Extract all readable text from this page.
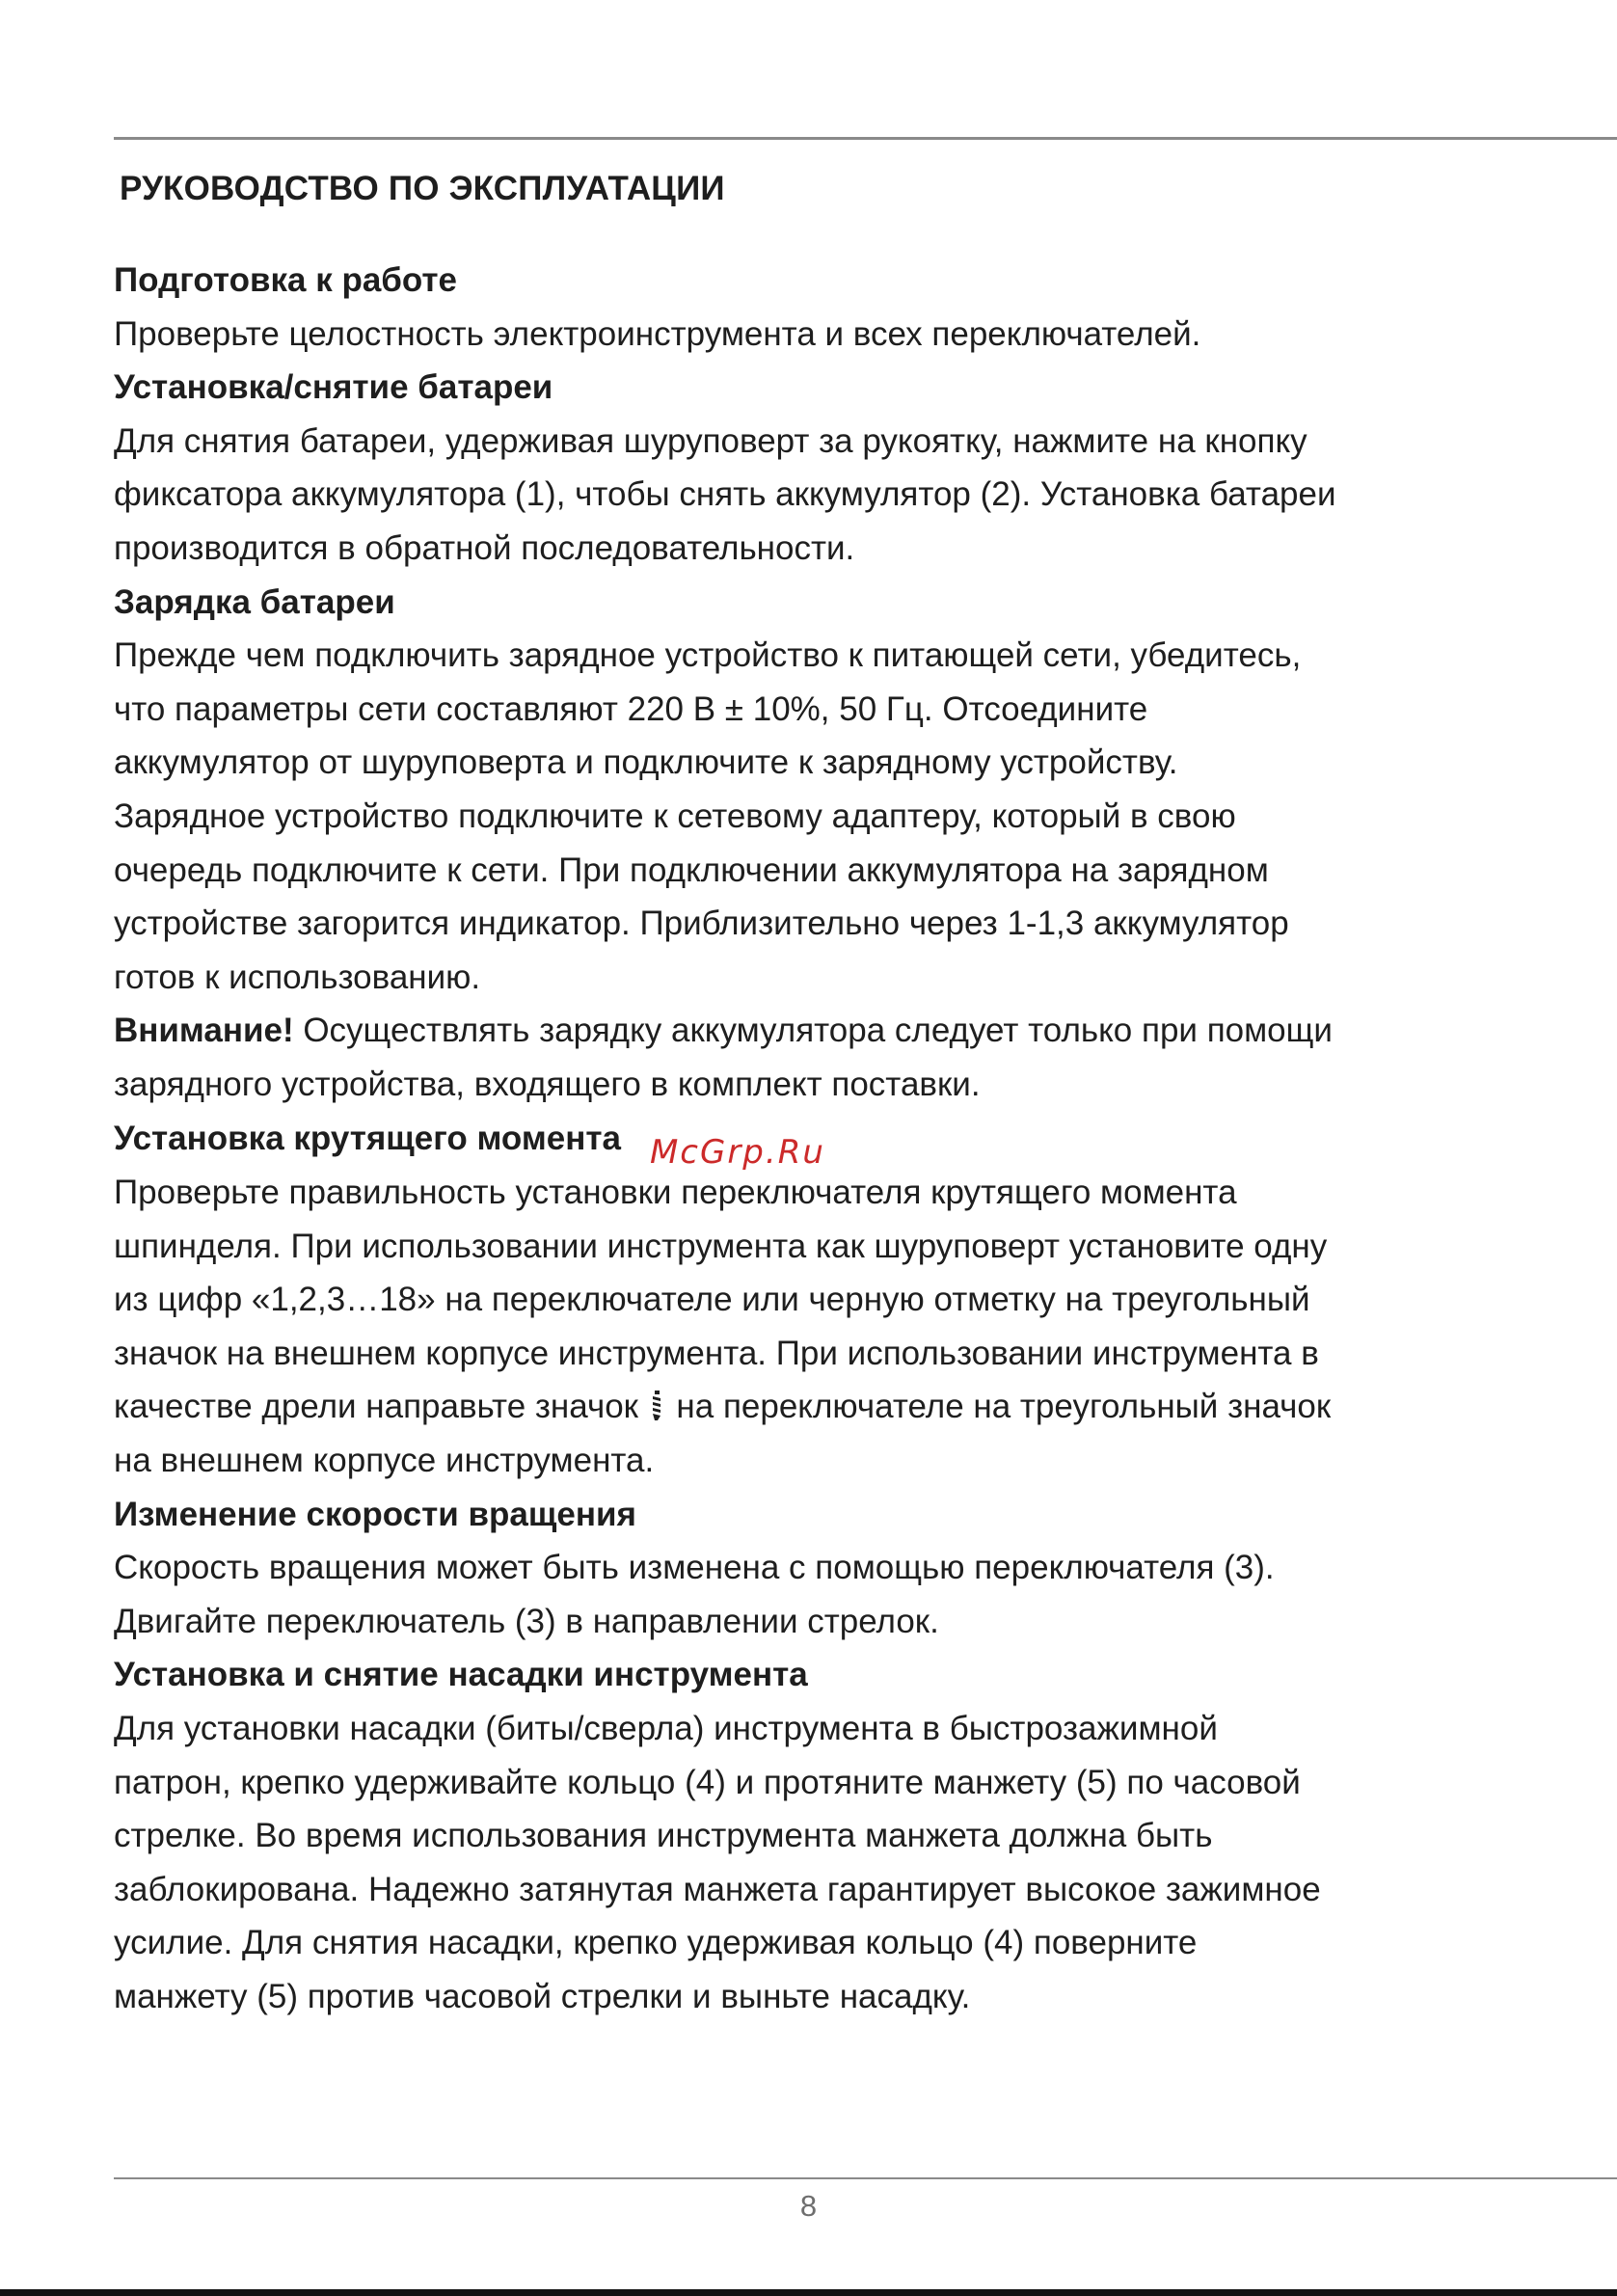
РУКОВОДСТВО ПО ЭКСПЛУАТАЦИИ
Подготовка к работе

Проверьте целостность электроинструмента и всех переключателей.

Установка/снятие батареи

Для снятия батареи, удерживая шуруповерт за рукоятку, нажмите на кнопку
фиксатора аккумулятора (1), чтобы снять аккумулятор (2). Установка батареи
производится в обратной последовательности.

Зарядка батареи

Прежде чем подключить зарядное устройство к питающей сети, убедитесь,
что параметры сети составляют 220 В ± 10%, 50 Гц. Отсоедините
аккумулятор от шуруповерта и подключите к зарядному устройству.
Зарядное устройство подключите к сетевому адаптеру, который в свою
очередь подключите к сети. При подключении аккумулятора на зарядном
устройстве загорится индикатор. Приблизительно через 1-1,3 аккумулятор
готов к использованию.

Внимание! Осуществлять зарядку аккумулятора следует только при помощи
зарядного устройства, входящего в комплект поставки.

Установка крутящего момента McGrp.Ru

Проверьте правильность установки переключателя крутящего момента
шпинделя. При использовании инструмента как шуруповерт установите одну
из цифр «1,2,3…18» на переключателе или черную отметку на треугольный
значок на внешнем корпусе инструмента. При использовании инструмента в
качестве дрели направьте значок  на переключателе на треугольный значок
на внешнем корпусе инструмента.

Изменение скорости вращения

Скорость вращения может быть изменена с помощью переключателя (3).
Двигайте переключатель (3) в направлении стрелок.

Установка и снятие насадки инструмента

Для установки насадки (биты/сверла) инструмента в быстрозажимной
патрон, крепко удерживайте кольцо (4) и протяните манжету (5) по часовой
стрелке. Во время использования инструмента манжета должна быть
заблокирована. Надежно затянутая манжета гарантирует высокое зажимное
усилие. Для снятия насадки, крепко удерживая кольцо (4) поверните
манжету (5) против часовой стрелки и выньте насадку.

8
